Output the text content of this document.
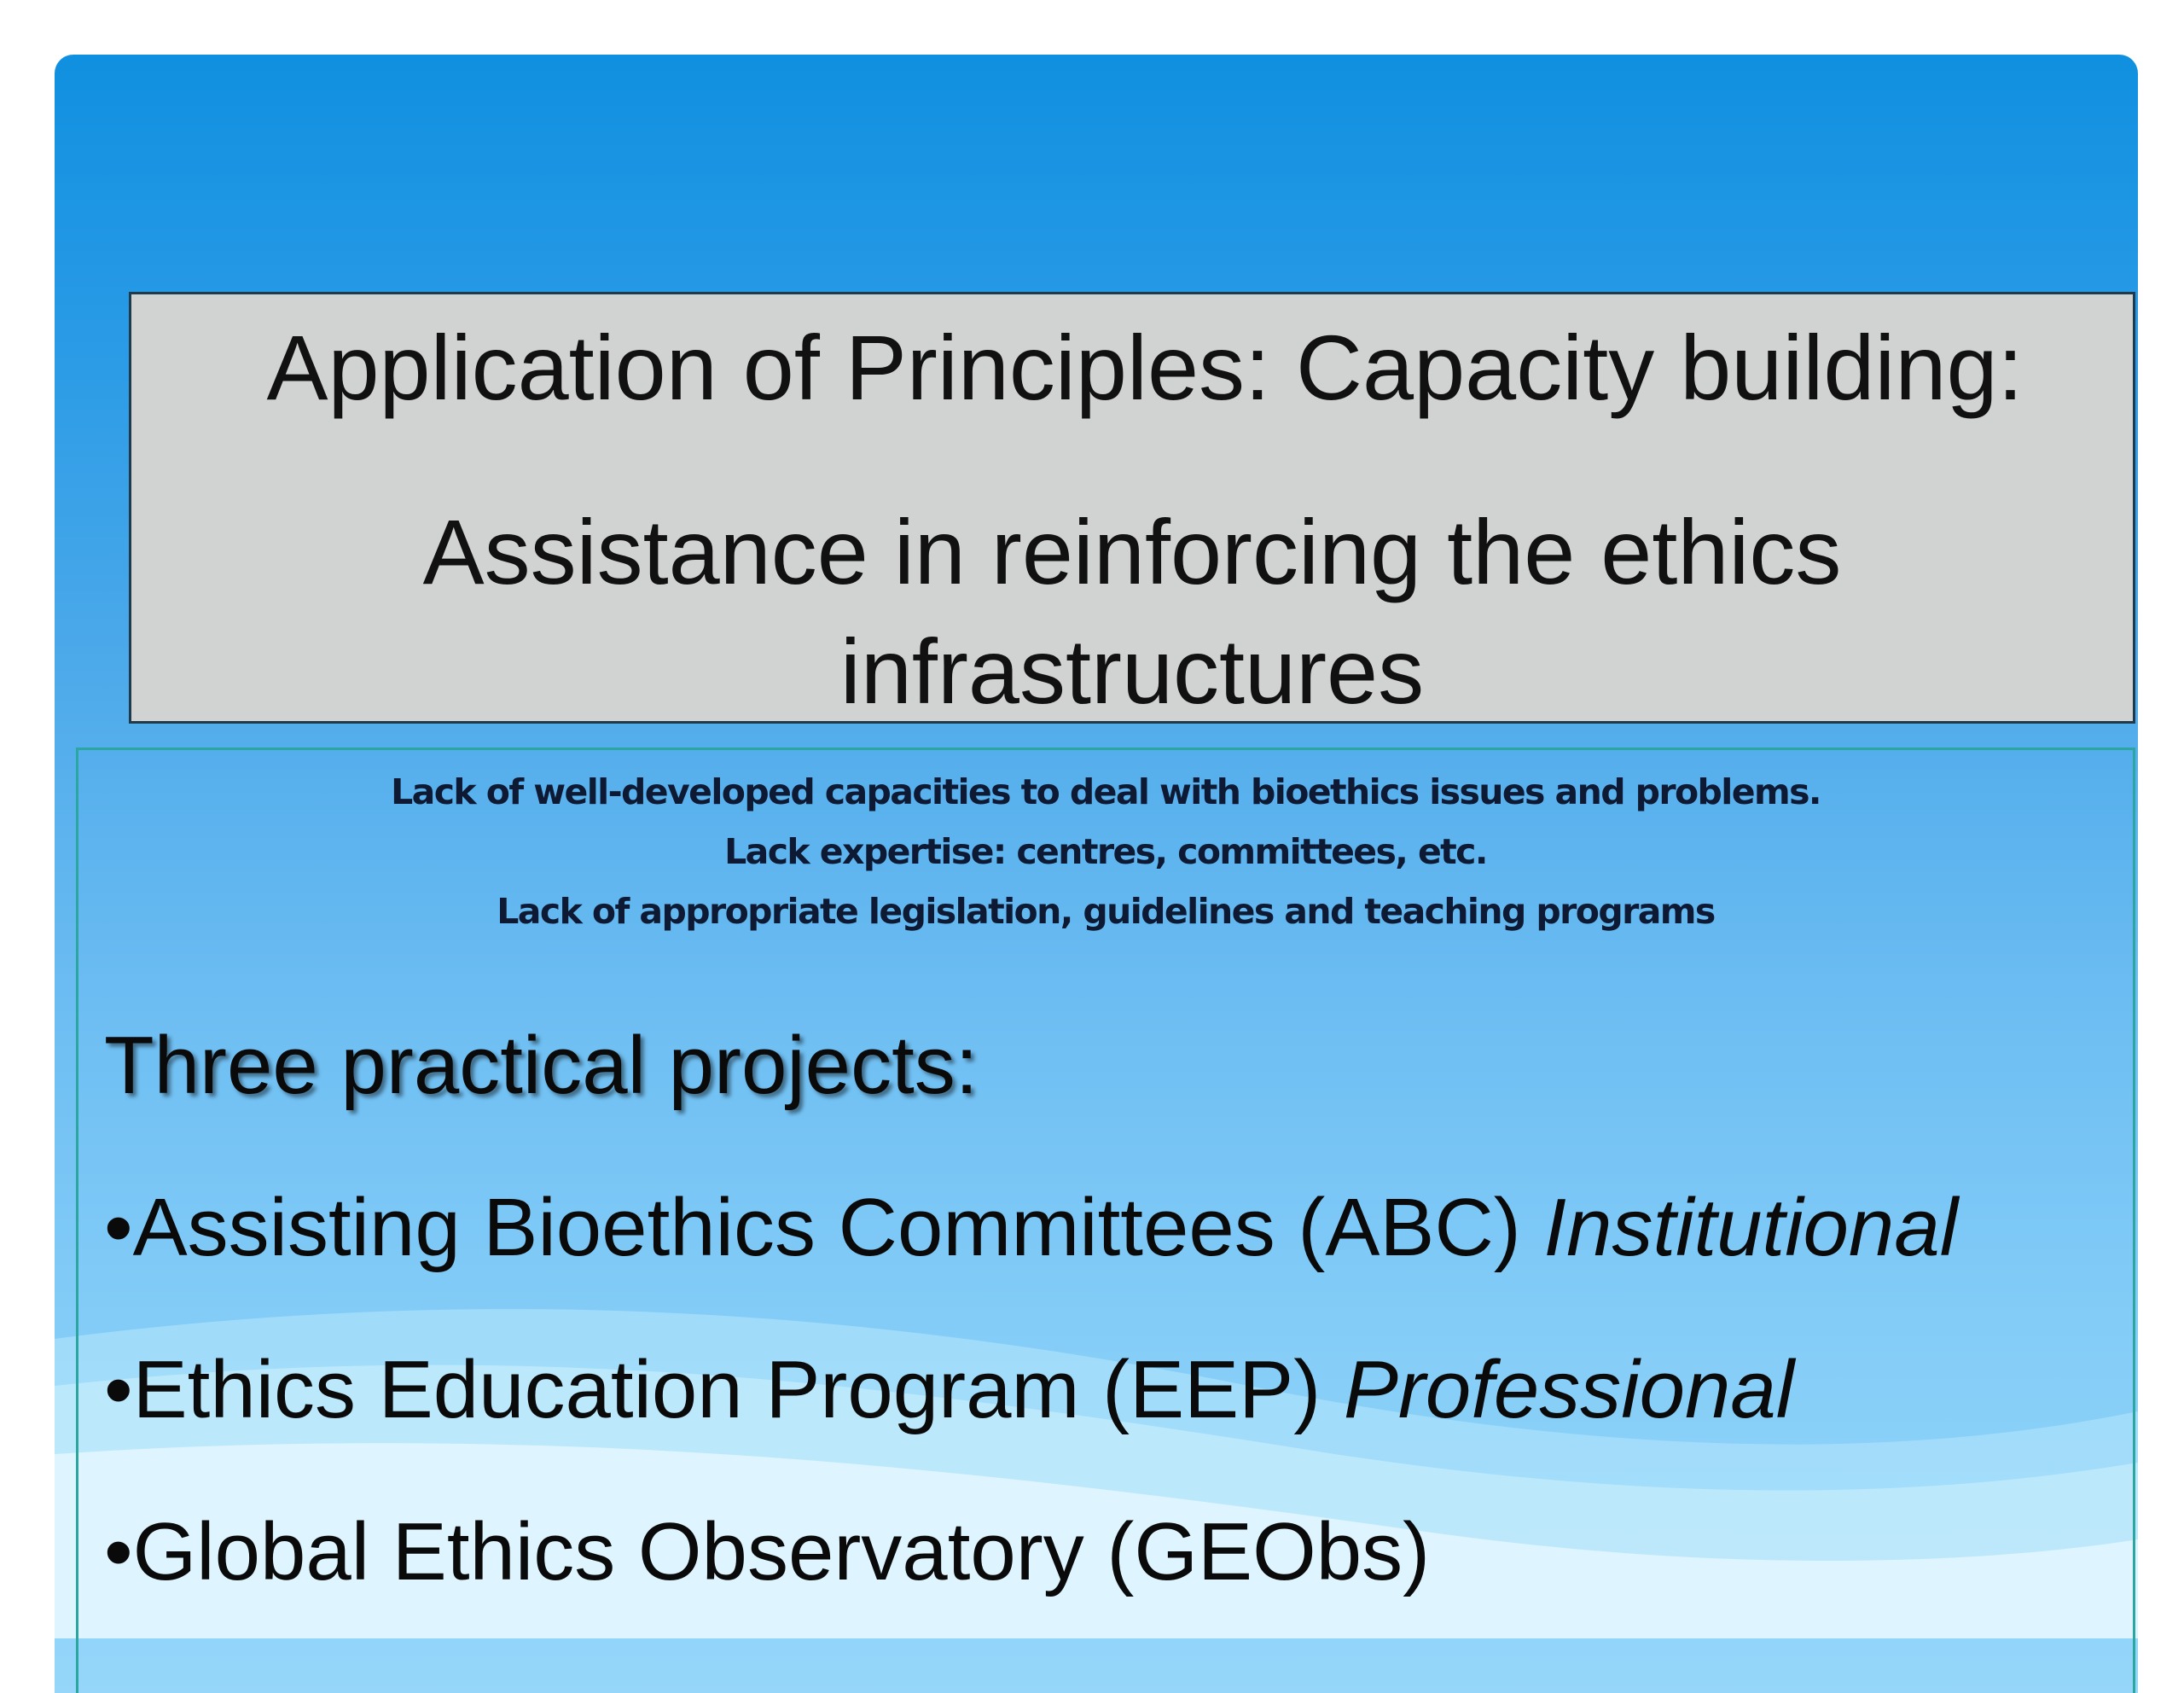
Application of Principles: Capacity building:
Assistance in reinforcing the ethics
infrastructures
Lack of well-developed capacities to deal with bioethics issues and problems.
Lack expertise: centres, committees, etc.
Lack of appropriate legislation, guidelines and teaching programs
Three practical projects:
•Assisting Bioethics Committees (ABC) Institutional
•Ethics Education Program (EEP) Professional
•Global Ethics Observatory (GEObs)
